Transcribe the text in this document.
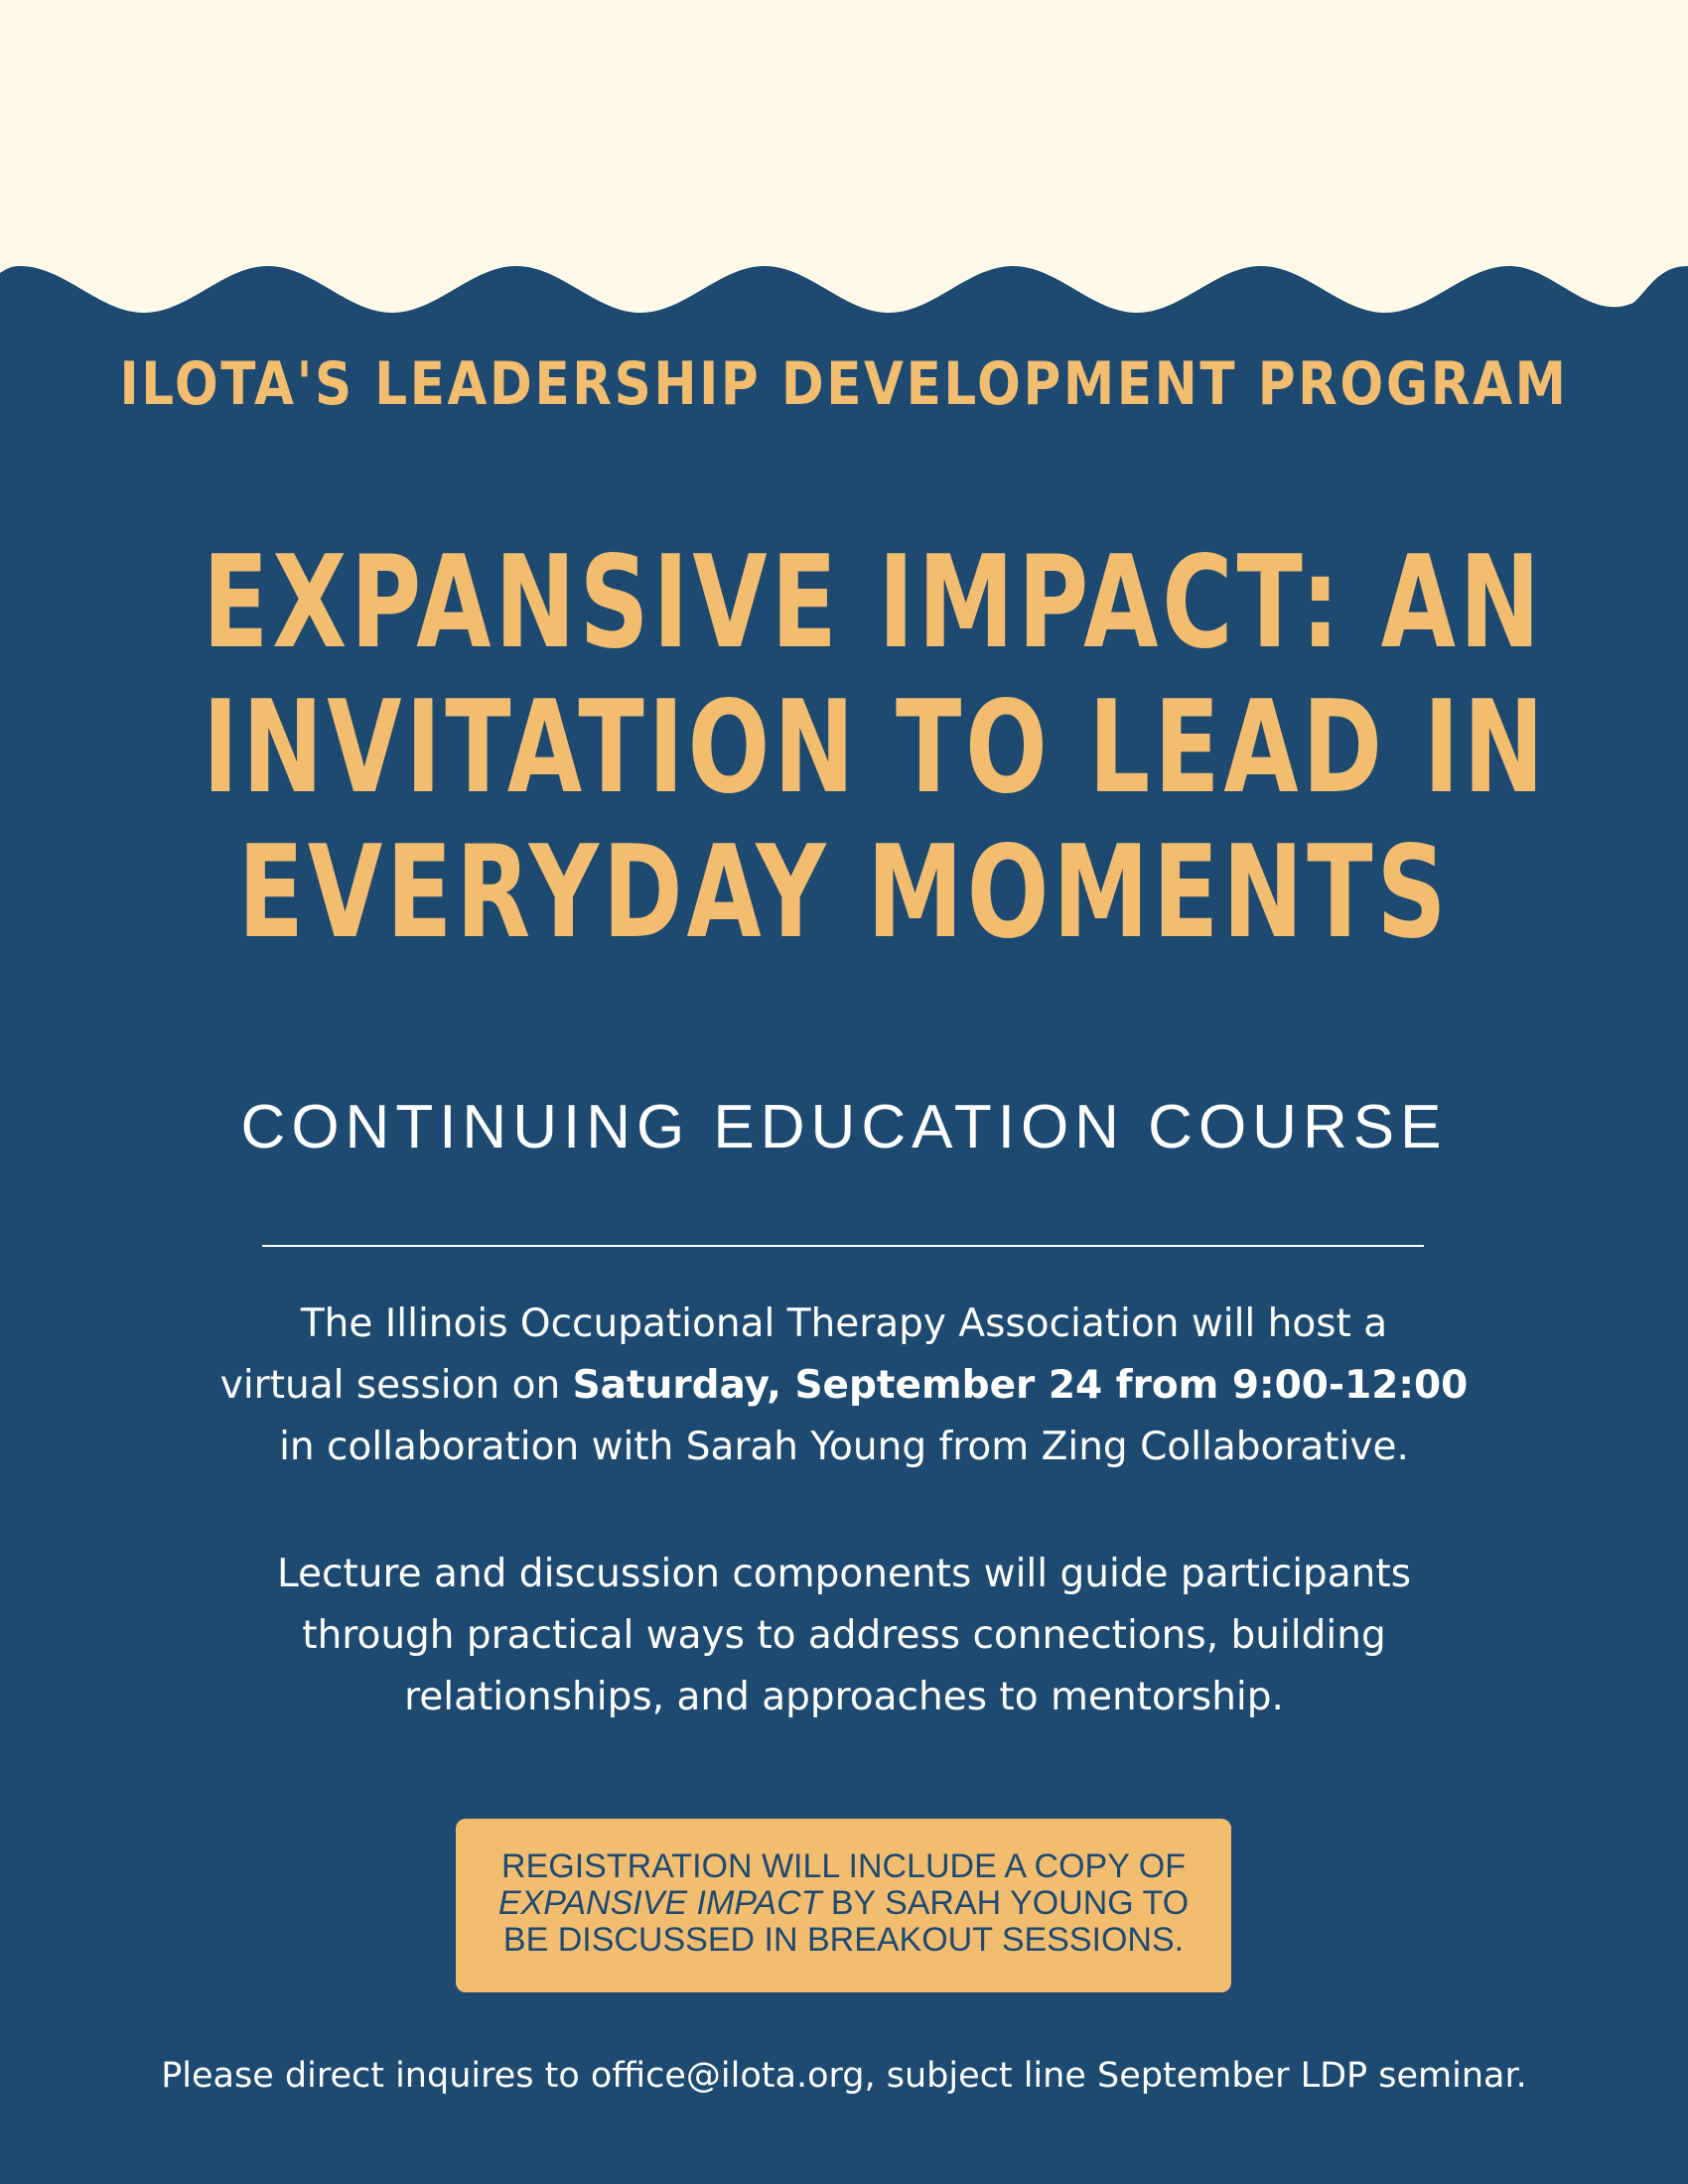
ILOTA'S LEADERSHIP DEVELOPMENT PROGRAM
EXPANSIVE IMPACT: AN
INVITATION TO LEAD IN
EVERYDAY MOMENTS
CONTINUING EDUCATION COURSE
The Illinois Occupational Therapy Association will host a
virtual session on Saturday, September 24 from 9:00-12:00
in collaboration with Sarah Young from Zing Collaborative.
Lecture and discussion components will guide participants
through practical ways to address connections, building
relationships, and approaches to mentorship.
REGISTRATION WILL INCLUDE A COPY OF
EXPANSIVE IMPACT BY SARAH YOUNG TO
BE DISCUSSED IN BREAKOUT SESSIONS.
Please direct inquires to office@ilota.org, subject line September LDP seminar.
